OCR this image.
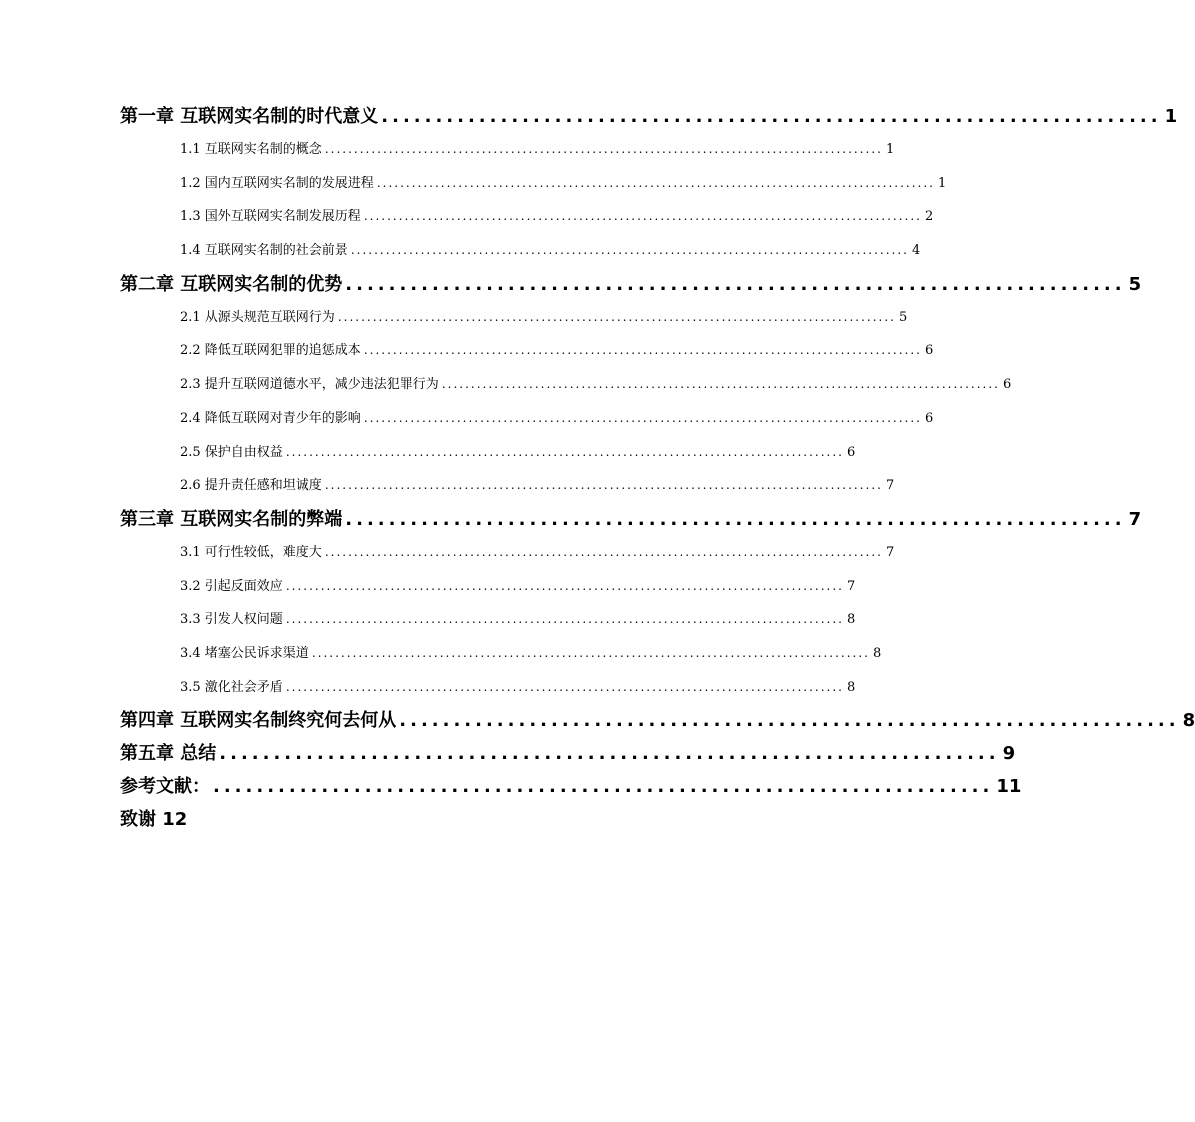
第一章 互联网实名制的时代意义 ........................................................................ 1
1.1 互联网实名制的概念 ................................................................................................ 1
1.2 国内互联网实名制的发展进程 ................................................................................................ 1
1.3 国外互联网实名制发展历程 ................................................................................................ 2
1.4 互联网实名制的社会前景 ................................................................................................ 4
第二章 互联网实名制的优势 ........................................................................ 5
2.1 从源头规范互联网行为 ................................................................................................ 5
2.2 降低互联网犯罪的追惩成本 ................................................................................................ 6
2.3 提升互联网道德水平，减少违法犯罪行为 ................................................................................................ 6
2.4 降低互联网对青少年的影响 ................................................................................................ 6
2.5 保护自由权益 ................................................................................................ 6
2.6 提升责任感和坦诚度 ................................................................................................ 7
第三章 互联网实名制的弊端 ........................................................................ 7
3.1 可行性较低，难度大 ................................................................................................ 7
3.2 引起反面效应 ................................................................................................ 7
3.3 引发人权问题 ................................................................................................ 8
3.4 堵塞公民诉求渠道 ................................................................................................ 8
3.5 激化社会矛盾 ................................................................................................ 8
第四章 互联网实名制终究何去何从 ........................................................................ 8
第五章 总结 ........................................................................ 9
参考文献： ........................................................................ 11
致谢 12
